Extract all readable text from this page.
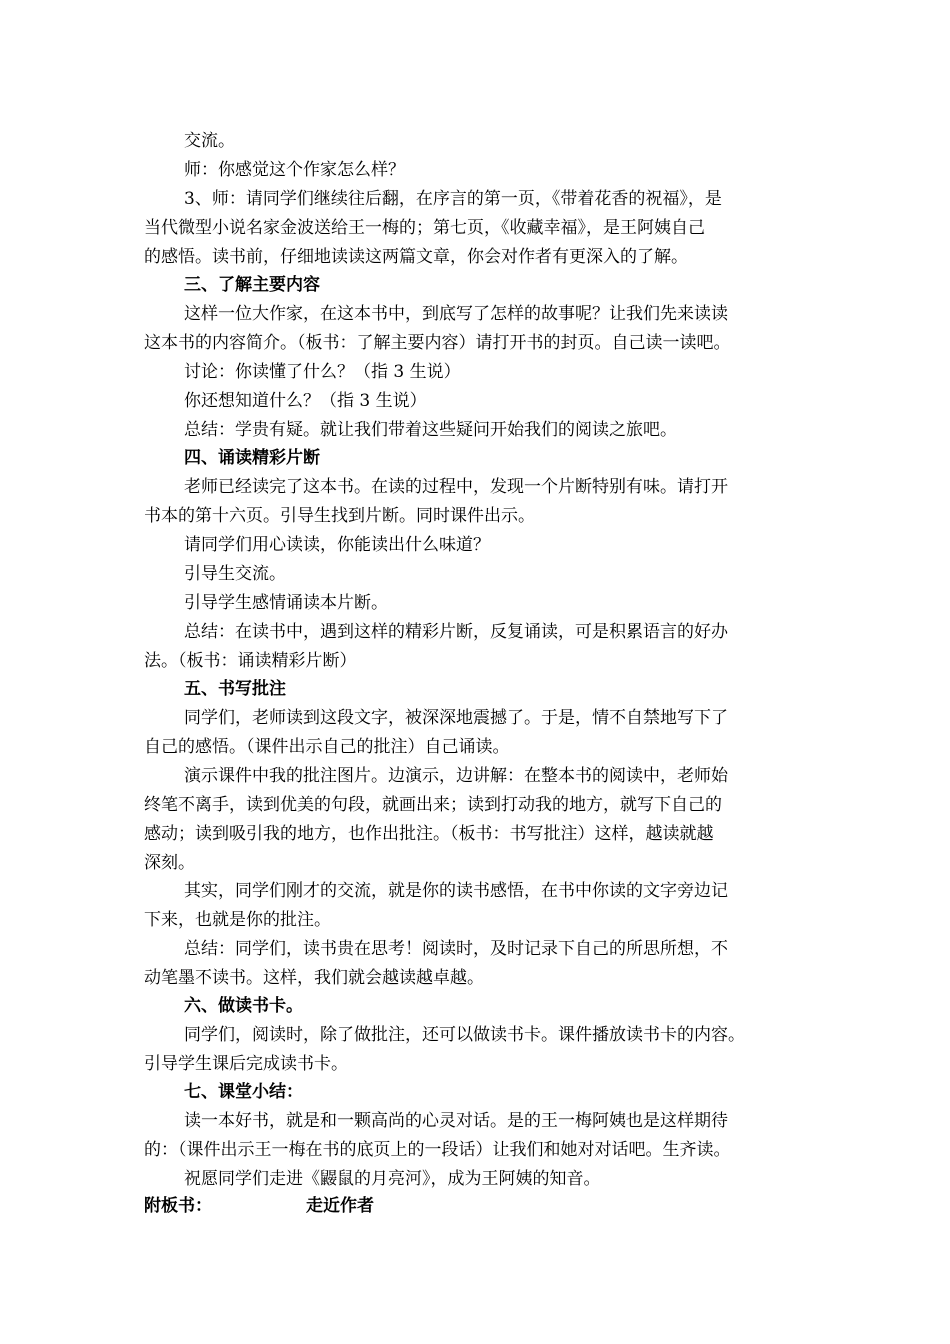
交流。
师：你感觉这个作家怎么样？
3、师：请同学们继续往后翻，在序言的第一页，《带着花香的祝福》，是
当代微型小说名家金波送给王一梅的；第七页，《收藏幸福》，是王阿姨自己
的感悟。读书前，仔细地读读这两篇文章，你会对作者有更深入的了解。
三、了解主要内容
这样一位大作家，在这本书中，到底写了怎样的故事呢？让我们先来读读
这本书的内容简介。（板书：了解主要内容）请打开书的封页。自己读一读吧。
讨论：你读懂了什么？（指 3 生说）
你还想知道什么？（指 3 生说）
总结：学贵有疑。就让我们带着这些疑问开始我们的阅读之旅吧。
四、诵读精彩片断
老师已经读完了这本书。在读的过程中，发现一个片断特别有味。请打开
书本的第十六页。引导生找到片断。同时课件出示。
请同学们用心读读，你能读出什么味道？
引导生交流。
引导学生感情诵读本片断。
总结：在读书中，遇到这样的精彩片断，反复诵读，可是积累语言的好办
法。（板书：诵读精彩片断）
五、书写批注
同学们，老师读到这段文字，被深深地震撼了。于是，情不自禁地写下了
自己的感悟。（课件出示自己的批注）自己诵读。
演示课件中我的批注图片。边演示，边讲解：在整本书的阅读中，老师始
终笔不离手，读到优美的句段，就画出来；读到打动我的地方，就写下自己的
感动；读到吸引我的地方，也作出批注。（板书：书写批注）这样，越读就越
深刻。
其实，同学们刚才的交流，就是你的读书感悟，在书中你读的文字旁边记
下来，也就是你的批注。
总结：同学们，读书贵在思考！阅读时，及时记录下自己的所思所想，不
动笔墨不读书。这样，我们就会越读越卓越。
六、做读书卡。
同学们，阅读时，除了做批注，还可以做读书卡。课件播放读书卡的内容。
引导学生课后完成读书卡。
七、课堂小结：
读一本好书，就是和一颗高尚的心灵对话。是的王一梅阿姨也是这样期待
的：（课件出示王一梅在书的底页上的一段话）让我们和她对对话吧。生齐读。
祝愿同学们走进《鼹鼠的月亮河》，成为王阿姨的知音。
附板书：	走近作者
